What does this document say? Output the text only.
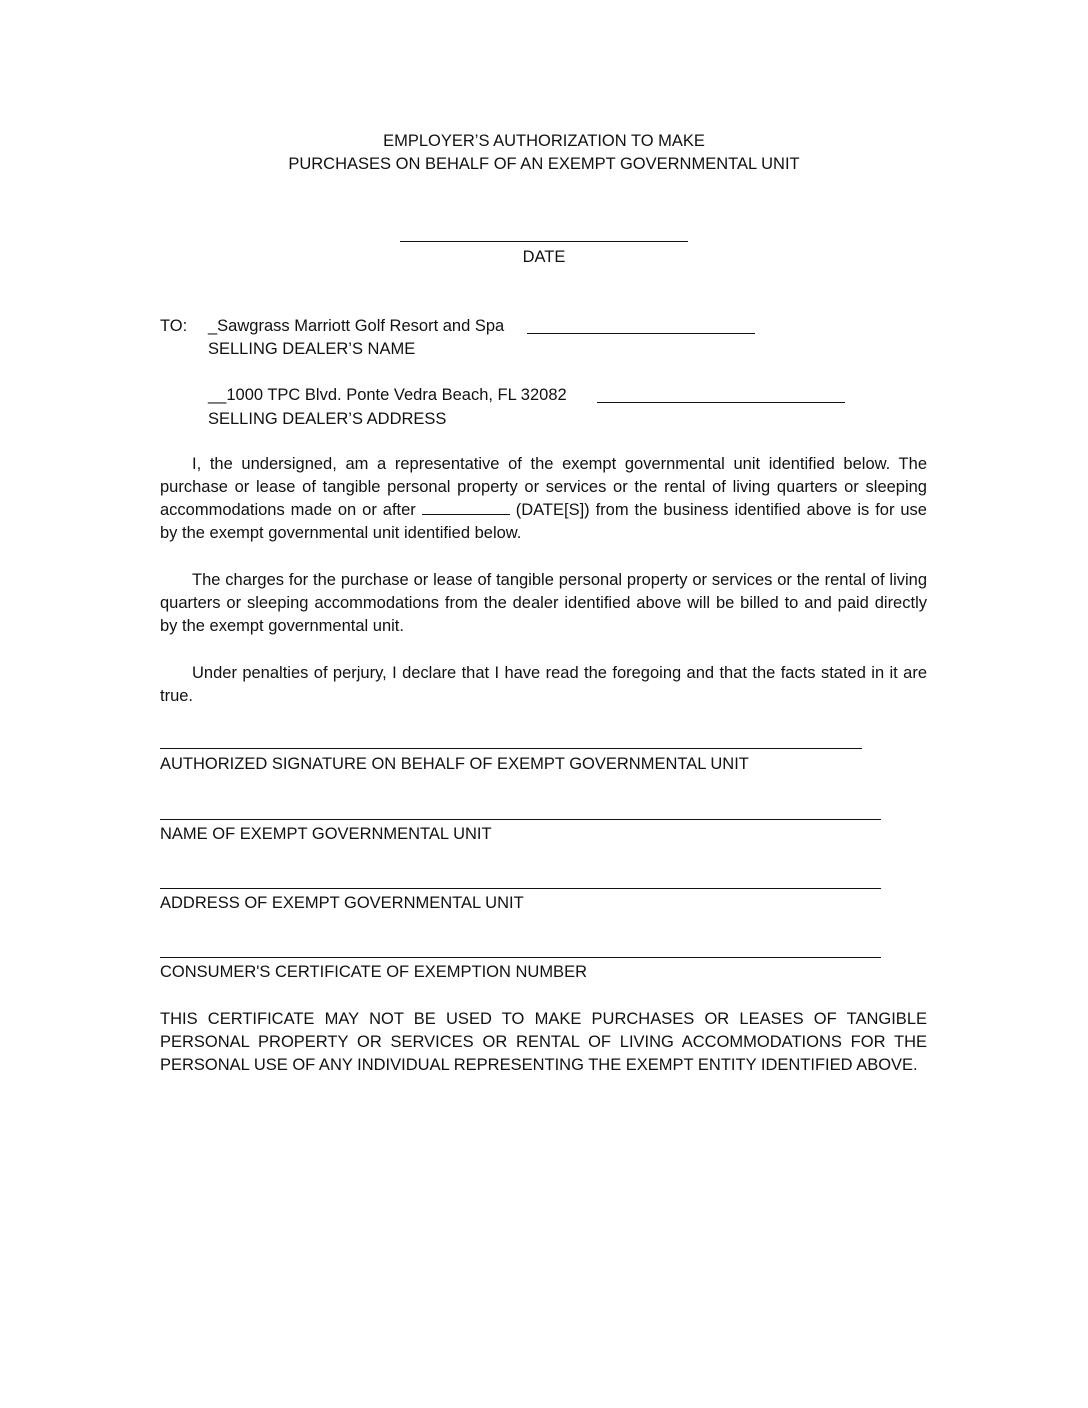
EMPLOYER’S AUTHORIZATION TO MAKE
PURCHASES ON BEHALF OF AN EXEMPT GOVERNMENTAL UNIT
DATE
TO: _Sawgrass Marriott Golf Resort and Spa
SELLING DEALER’S NAME
__1000 TPC Blvd. Ponte Vedra Beach, FL 32082
SELLING DEALER’S ADDRESS

I, the undersigned, am a representative of the exempt governmental unit identified below. The purchase or lease of tangible personal property or services or the rental of living quarters or sleeping accommodations made on or after	(DATE[S]) from the business identified above is for use by the exempt governmental unit identified below.

The charges for the purchase or lease of tangible personal property or services or the rental of living quarters or sleeping accommodations from the dealer identified above will be billed to and paid directly by the exempt governmental unit.

Under penalties of perjury, I declare that I have read the foregoing and that the facts stated in it are true.

AUTHORIZED SIGNATURE ON BEHALF OF EXEMPT GOVERNMENTAL UNIT
NAME OF EXEMPT GOVERNMENTAL UNIT
ADDRESS OF EXEMPT GOVERNMENTAL UNIT
CONSUMER'S CERTIFICATE OF EXEMPTION NUMBER

THIS CERTIFICATE MAY NOT BE USED TO MAKE PURCHASES OR LEASES OF TANGIBLE PERSONAL PROPERTY OR SERVICES OR RENTAL OF LIVING ACCOMMODATIONS FOR THE PERSONAL USE OF ANY INDIVIDUAL REPRESENTING THE EXEMPT ENTITY IDENTIFIED ABOVE.
